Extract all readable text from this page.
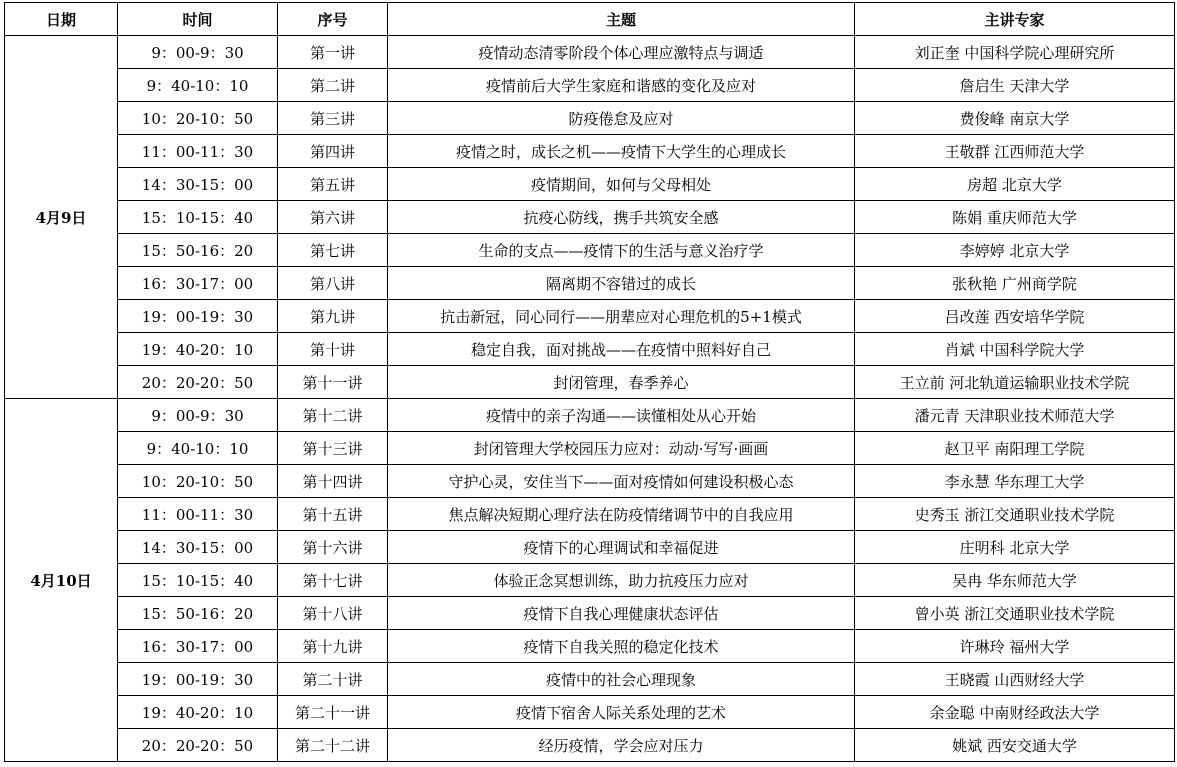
日期	时间	序号	主题	主讲专家
4月9日	9：00-9：30	第一讲	疫情动态清零阶段个体心理应激特点与调适	刘正奎 中国科学院心理研究所
	9：40-10：10	第二讲	疫情前后大学生家庭和谐感的变化及应对	詹启生 天津大学
	10：20-10：50	第三讲	防疫倦怠及应对	费俊峰 南京大学
	11：00-11：30	第四讲	疫情之时，成长之机——疫情下大学生的心理成长	王敬群 江西师范大学
	14：30-15：00	第五讲	疫情期间，如何与父母相处	房超 北京大学
	15：10-15：40	第六讲	抗疫心防线，携手共筑安全感	陈娟 重庆师范大学
	15：50-16：20	第七讲	生命的支点——疫情下的生活与意义治疗学	李婷婷 北京大学
	16：30-17：00	第八讲	隔离期不容错过的成长	张秋艳 广州商学院
	19：00-19：30	第九讲	抗击新冠，同心同行——朋辈应对心理危机的5+1模式	吕改莲 西安培华学院
	19：40-20：10	第十讲	稳定自我，面对挑战——在疫情中照料好自己	肖斌 中国科学院大学
	20：20-20：50	第十一讲	封闭管理，春季养心	王立前 河北轨道运输职业技术学院
4月10日	9：00-9：30	第十二讲	疫情中的亲子沟通——读懂相处从心开始	潘元青 天津职业技术师范大学
	9：40-10：10	第十三讲	封闭管理大学校园压力应对：动动·写写·画画	赵卫平 南阳理工学院
	10：20-10：50	第十四讲	守护心灵，安住当下——面对疫情如何建设积极心态	李永慧 华东理工大学
	11：00-11：30	第十五讲	焦点解决短期心理疗法在防疫情绪调节中的自我应用	史秀玉 浙江交通职业技术学院
	14：30-15：00	第十六讲	疫情下的心理调试和幸福促进	庄明科 北京大学
	15：10-15：40	第十七讲	体验正念冥想训练，助力抗疫压力应对	吴冉 华东师范大学
	15：50-16：20	第十八讲	疫情下自我心理健康状态评估	曾小英 浙江交通职业技术学院
	16：30-17：00	第十九讲	疫情下自我关照的稳定化技术	许琳玲 福州大学
	19：00-19：30	第二十讲	疫情中的社会心理现象	王晓霞 山西财经大学
	19：40-20：10	第二十一讲	疫情下宿舍人际关系处理的艺术	余金聪 中南财经政法大学
	20：20-20：50	第二十二讲	经历疫情，学会应对压力	姚斌 西安交通大学
